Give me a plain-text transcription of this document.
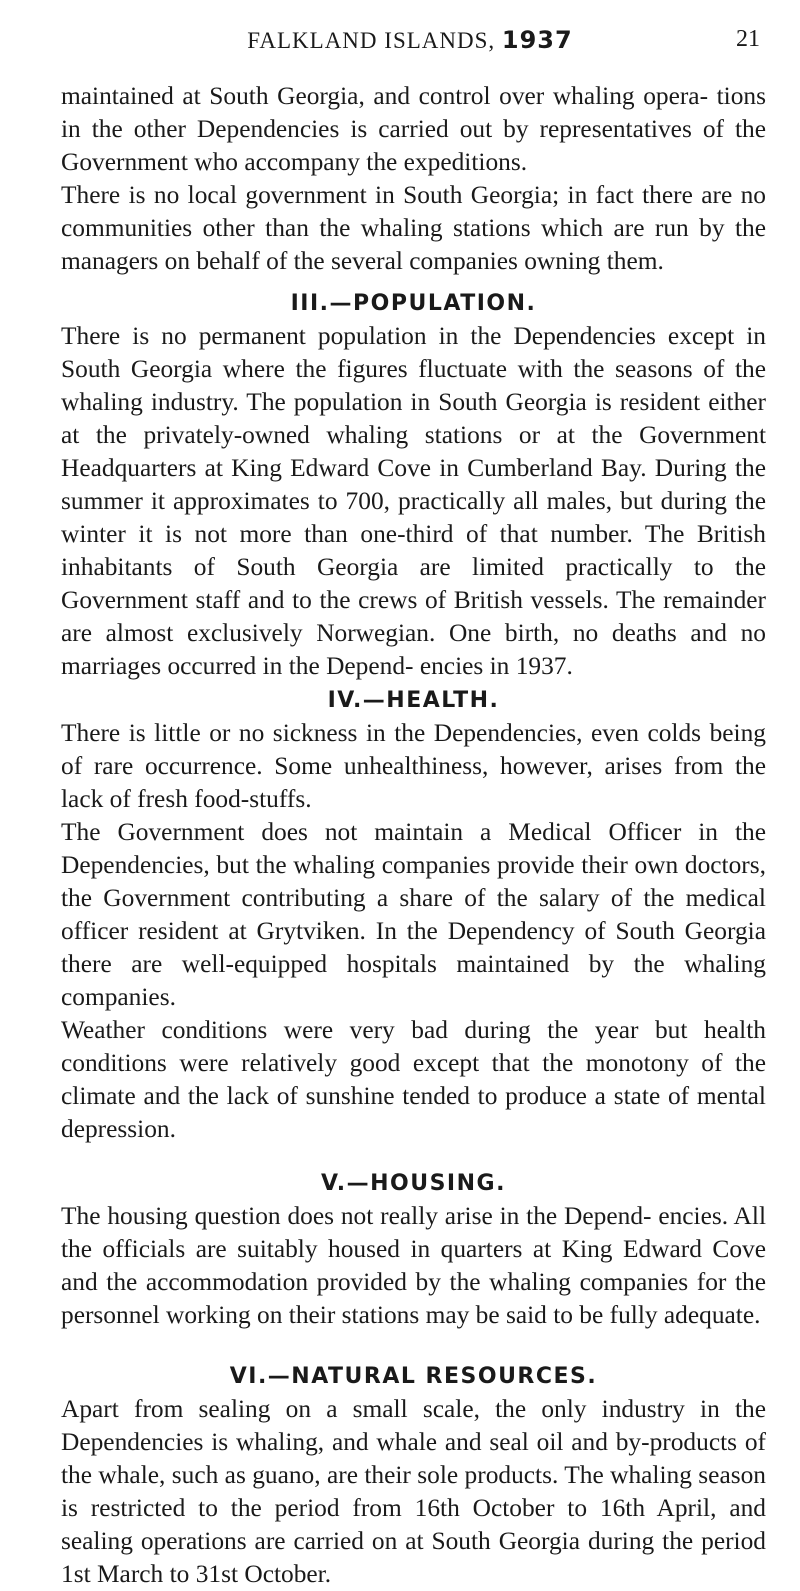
FALKLAND ISLANDS, 1937	21

maintained at South Georgia, and control over whaling opera- tions in the other Dependencies is carried out by representatives of the Government who accompany the expeditions.

There is no local government in South Georgia; in fact there are no communities other than the whaling stations which are run by the managers on behalf of the several companies owning them.

III.—POPULATION.

There is no permanent population in the Dependencies except in South Georgia where the figures fluctuate with the seasons of the whaling industry. The population in South Georgia is resident either at the privately-owned whaling stations or at the Government Headquarters at King Edward Cove in Cumberland Bay. During the summer it approximates to 700, practically all males, but during the winter it is not more than one-third of that number. The British inhabitants of South Georgia are limited practically to the Government staff and to the crews of British vessels. The remainder are almost exclusively Norwegian. One birth, no deaths and no marriages occurred in the Depend- encies in 1937.

IV.—HEALTH.

There is little or no sickness in the Dependencies, even colds being of rare occurrence. Some unhealthiness, however, arises from the lack of fresh food-stuffs.

The Government does not maintain a Medical Officer in the Dependencies, but the whaling companies provide their own doctors, the Government contributing a share of the salary of the medical officer resident at Grytviken. In the Dependency of South Georgia there are well-equipped hospitals maintained by the whaling companies.

Weather conditions were very bad during the year but health conditions were relatively good except that the monotony of the climate and the lack of sunshine tended to produce a state of mental depression.

V.—HOUSING.

The housing question does not really arise in the Depend- encies. All the officials are suitably housed in quarters at King Edward Cove and the accommodation provided by the whaling companies for the personnel working on their stations may be said to be fully adequate.

VI.—NATURAL RESOURCES.

Apart from sealing on a small scale, the only industry in the Dependencies is whaling, and whale and seal oil and by-products of the whale, such as guano, are their sole products. The whaling season is restricted to the period from 16th October to 16th April, and sealing operations are carried on at South Georgia during the period 1st March to 31st October.
